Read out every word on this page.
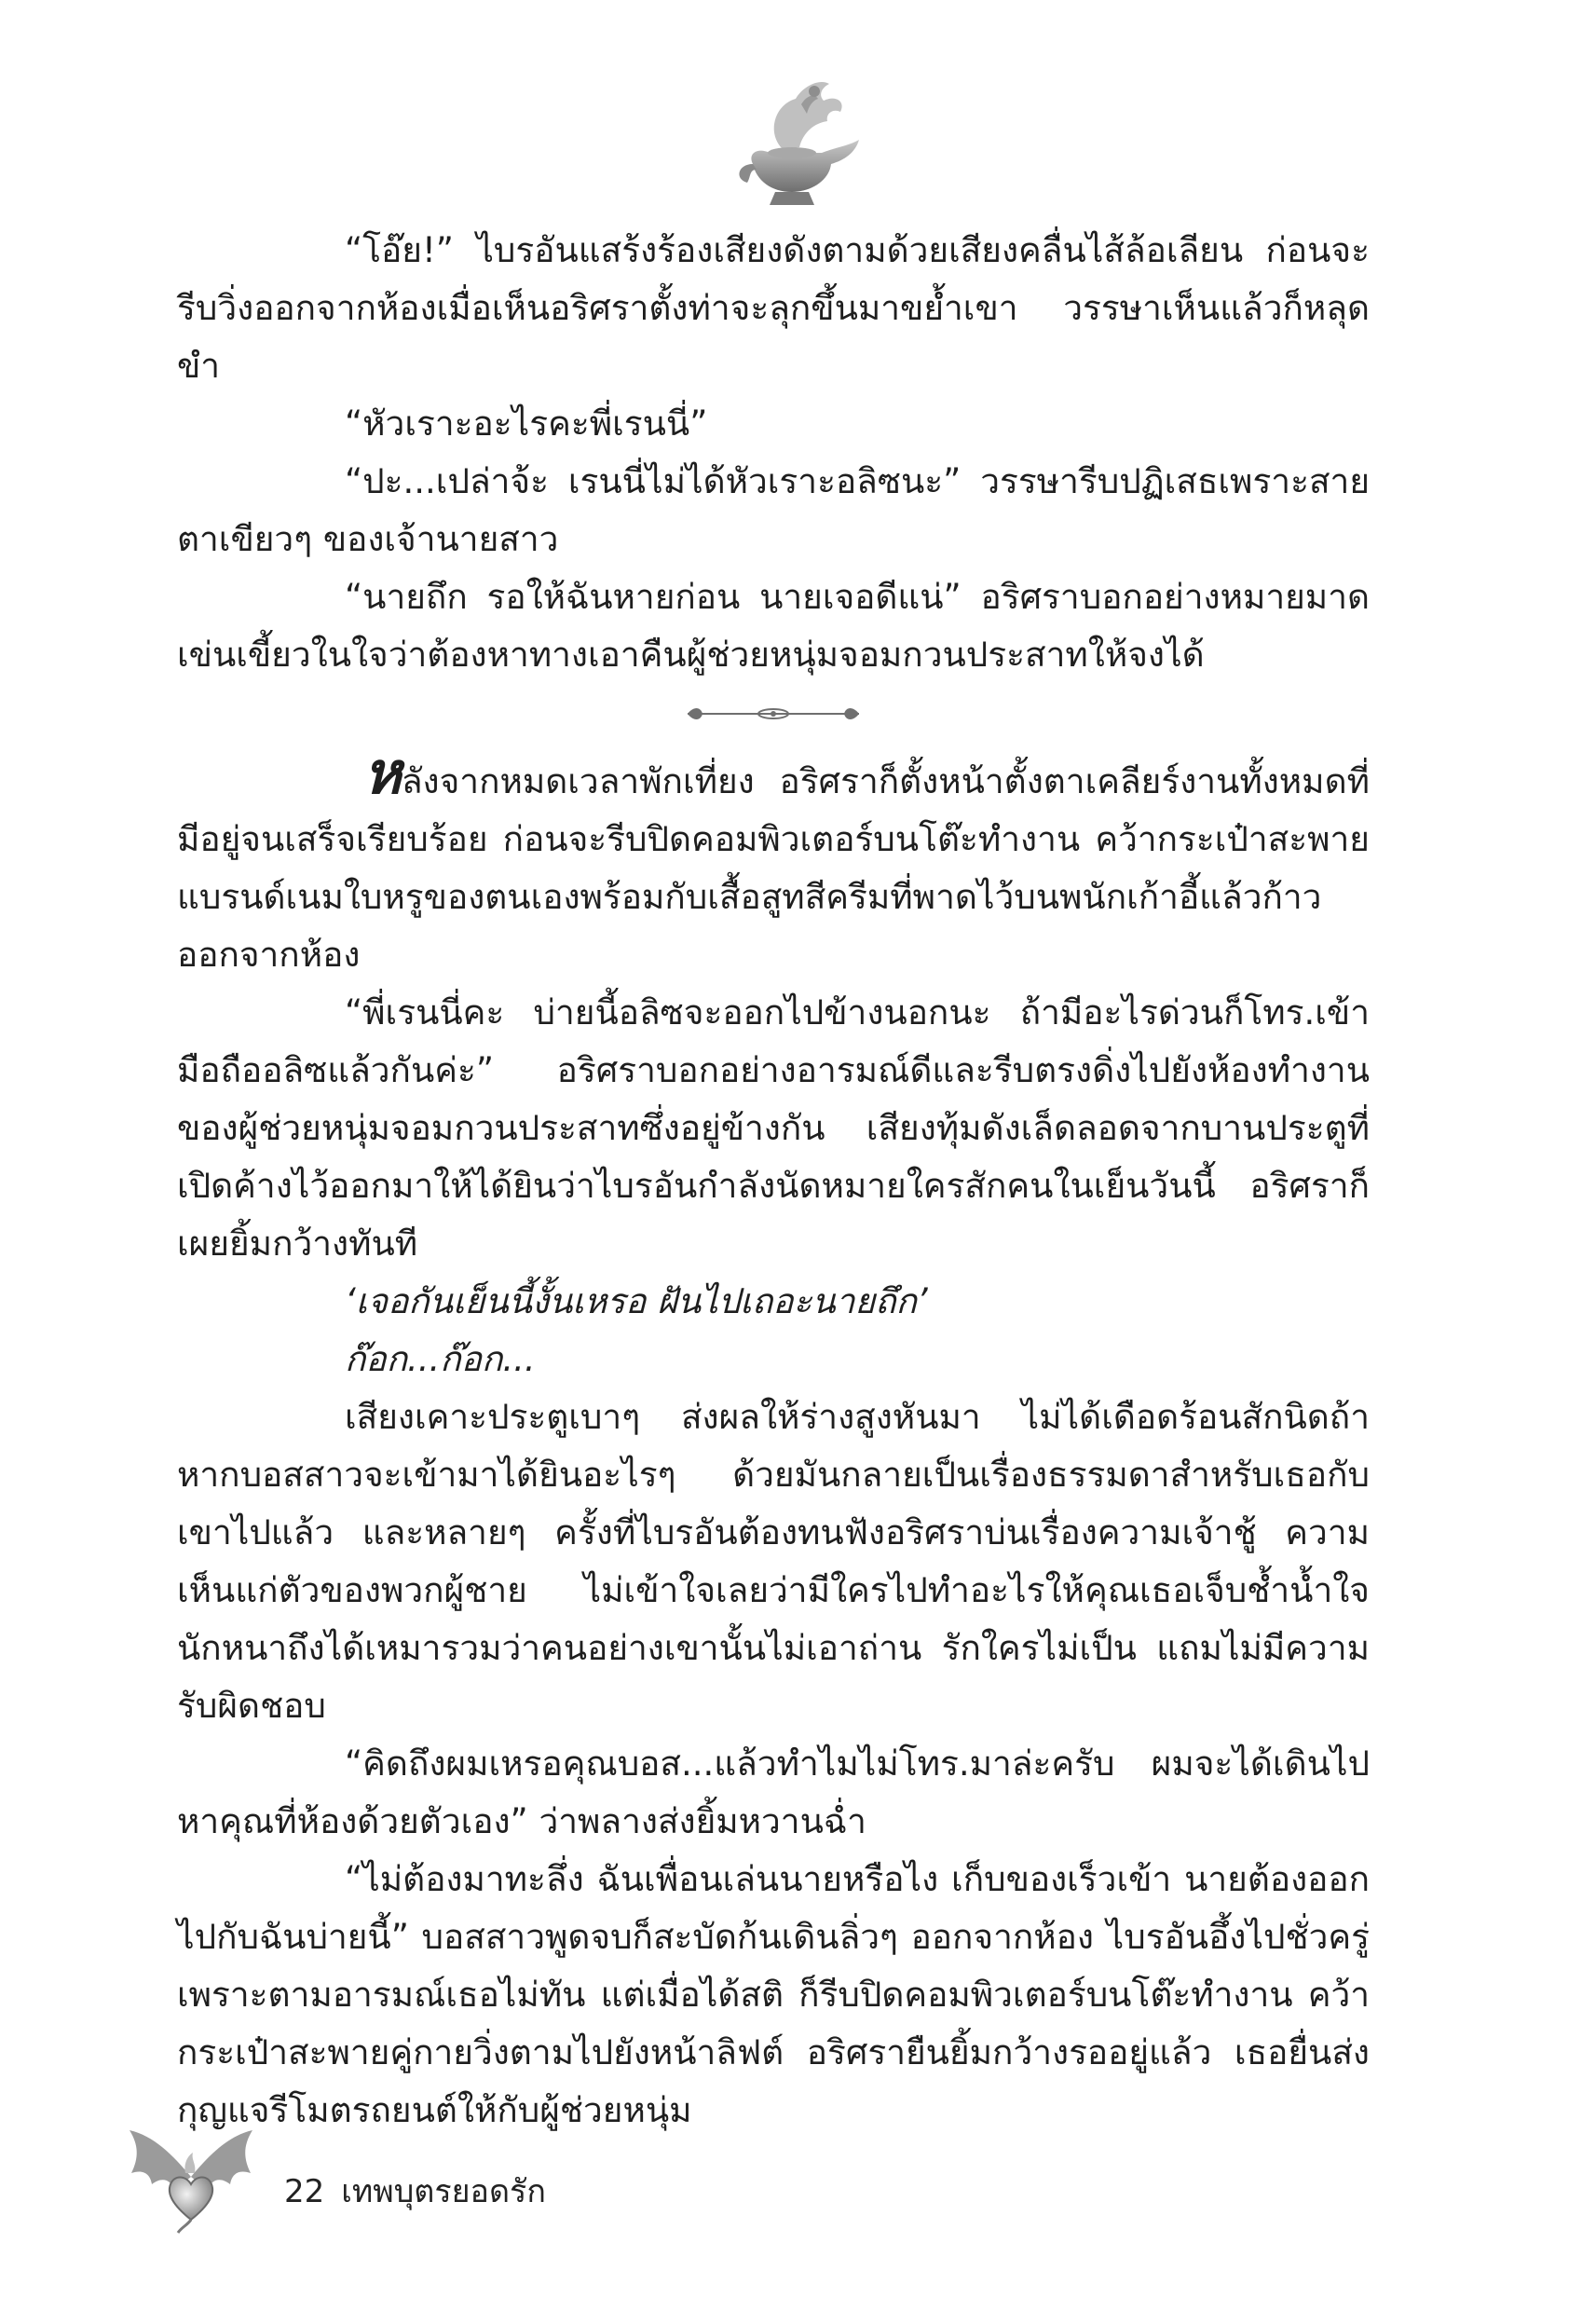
“โอ๊ย!” ไบรอันแสร้งร้องเสียงดังตามด้วยเสียงคลื่นไส้ล้อเลียน ก่อนจะรีบวิ่งออกจากห้องเมื่อเห็นอริศราตั้งท่าจะลุกขึ้นมาขย้ำเขา วรรษาเห็นแล้วก็หลุดขำ

“หัวเราะอะไรคะพี่เรนนี่”

“ปะ...เปล่าจ้ะ เรนนี่ไม่ได้หัวเราะอลิซนะ” วรรษารีบปฏิเสธเพราะสายตาเขียวๆ ของเจ้านายสาว

“นายถึก รอให้ฉันหายก่อน นายเจอดีแน่” อริศราบอกอย่างหมายมาดเข่นเขี้ยวในใจว่าต้องหาทางเอาคืนผู้ช่วยหนุ่มจอมกวนประสาทให้จงได้

หลังจากหมดเวลาพักเที่ยง อริศราก็ตั้งหน้าตั้งตาเคลียร์งานทั้งหมดที่มีอยู่จนเสร็จเรียบร้อย ก่อนจะรีบปิดคอมพิวเตอร์บนโต๊ะทำงาน คว้ากระเป๋าสะพายแบรนด์เนมใบหรูของตนเองพร้อมกับเสื้อสูทสีครีมที่พาดไว้บนพนักเก้าอี้แล้วก้าวออกจากห้อง

“พี่เรนนี่คะ บ่ายนี้อลิซจะออกไปข้างนอกนะ ถ้ามีอะไรด่วนก็โทร.เข้ามือถืออลิซแล้วกันค่ะ” อริศราบอกอย่างอารมณ์ดีและรีบตรงดิ่งไปยังห้องทำงานของผู้ช่วยหนุ่มจอมกวนประสาทซึ่งอยู่ข้างกัน เสียงทุ้มดังเล็ดลอดจากบานประตูที่เปิดค้างไว้ออกมาให้ได้ยินว่าไบรอันกำลังนัดหมายใครสักคนในเย็นวันนี้ อริศราก็เผยยิ้มกว้างทันที

‘เจอกันเย็นนี้งั้นเหรอ ฝันไปเถอะนายถึก’

ก๊อก...ก๊อก...

เสียงเคาะประตูเบาๆ ส่งผลให้ร่างสูงหันมา ไม่ได้เดือดร้อนสักนิดถ้าหากบอสสาวจะเข้ามาได้ยินอะไรๆ ด้วยมันกลายเป็นเรื่องธรรมดาสำหรับเธอกับเขาไปแล้ว และหลายๆ ครั้งที่ไบรอันต้องทนฟังอริศราบ่นเรื่องความเจ้าชู้ ความเห็นแก่ตัวของพวกผู้ชาย ไม่เข้าใจเลยว่ามีใครไปทำอะไรให้คุณเธอเจ็บช้ำน้ำใจนักหนาถึงได้เหมารวมว่าคนอย่างเขานั้นไม่เอาถ่าน รักใครไม่เป็น แถมไม่มีความรับผิดชอบ

“คิดถึงผมเหรอคุณบอส...แล้วทำไมไม่โทร.มาล่ะครับ ผมจะได้เดินไปหาคุณที่ห้องด้วยตัวเอง” ว่าพลางส่งยิ้มหวานฉ่ำ

“ไม่ต้องมาทะลึ่ง ฉันเพื่อนเล่นนายหรือไง เก็บของเร็วเข้า นายต้องออกไปกับฉันบ่ายนี้” บอสสาวพูดจบก็สะบัดก้นเดินลิ่วๆ ออกจากห้อง ไบรอันอึ้งไปชั่วครู่เพราะตามอารมณ์เธอไม่ทัน แต่เมื่อได้สติ ก็รีบปิดคอมพิวเตอร์บนโต๊ะทำงาน คว้ากระเป๋าสะพายคู่กายวิ่งตามไปยังหน้าลิฟต์ อริศรายืนยิ้มกว้างรออยู่แล้ว เธอยื่นส่งกุญแจรีโมตรถยนต์ให้กับผู้ช่วยหนุ่ม

22 เทพบุตรยอดรัก
